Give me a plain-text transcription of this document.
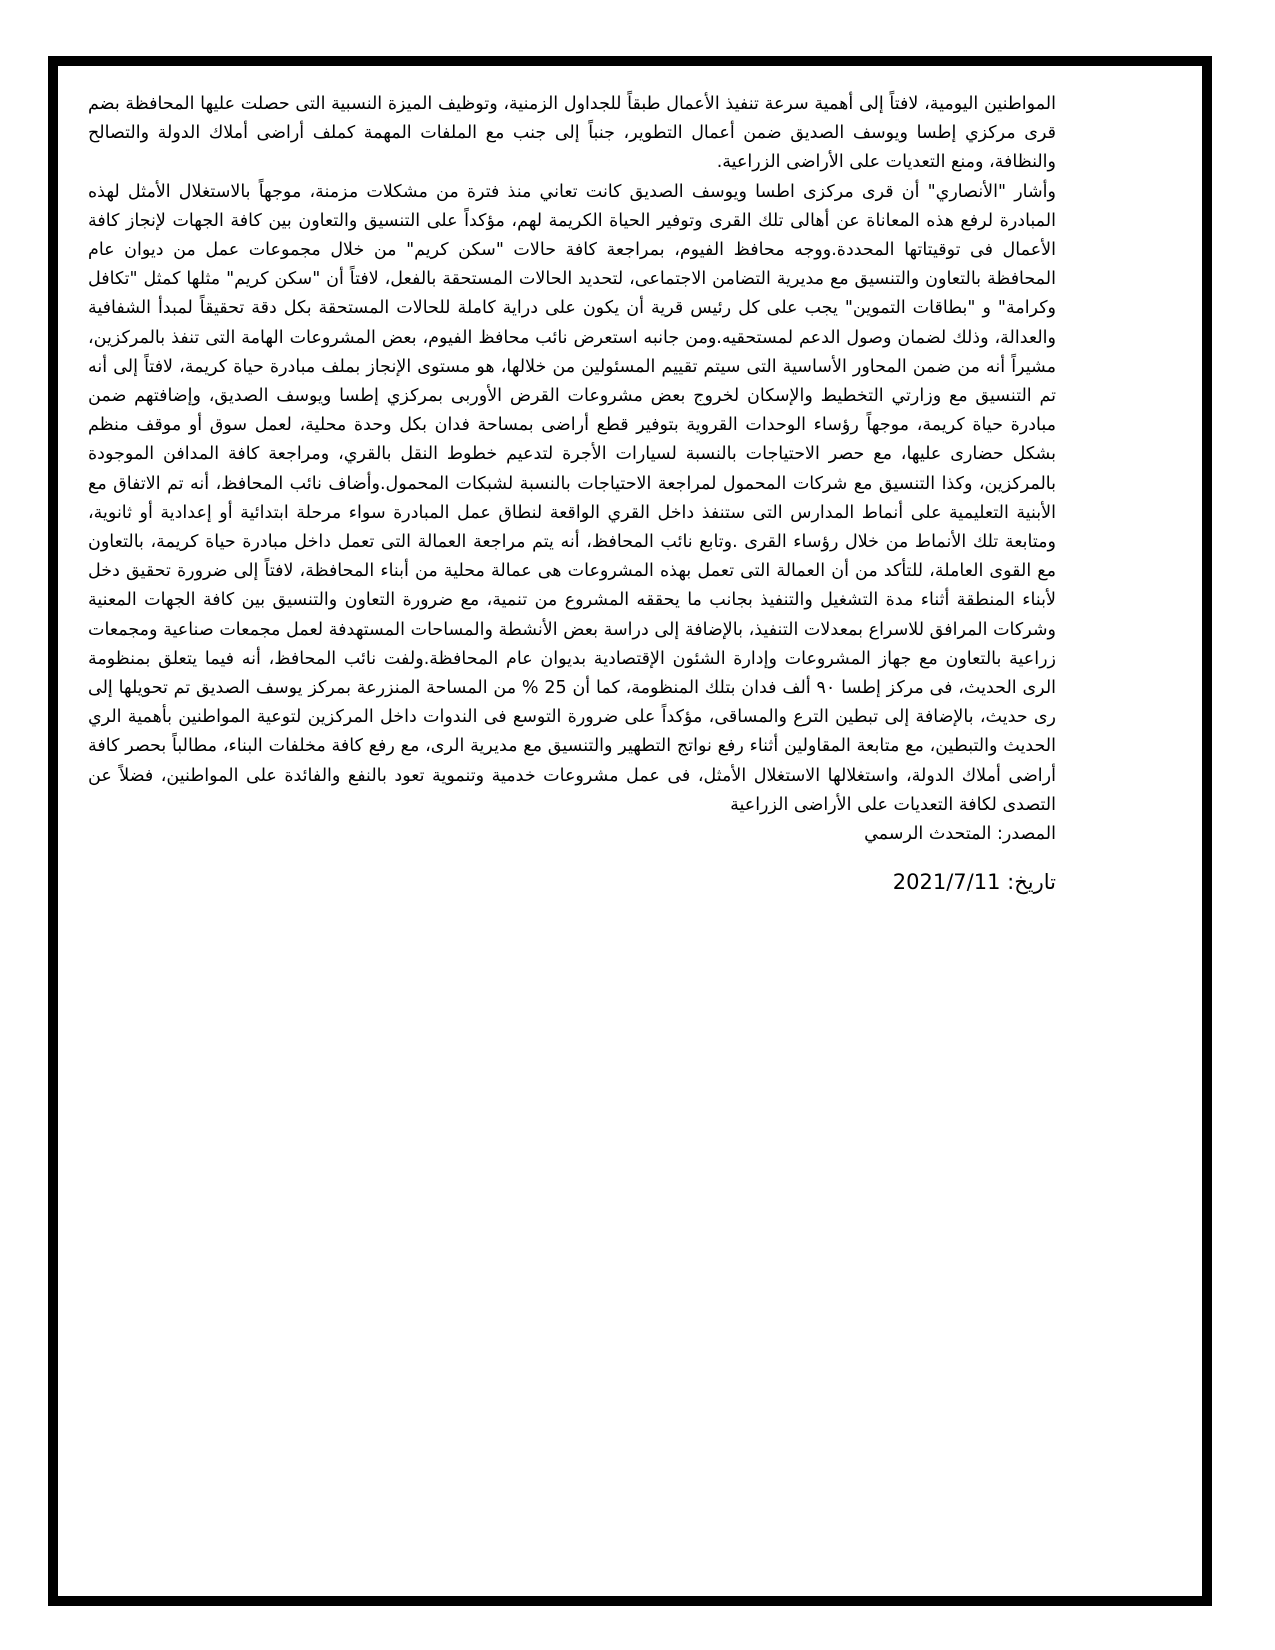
المواطنين اليومية، لافتاً إلى أهمية سرعة تنفيذ الأعمال طبقاً للجداول الزمنية، وتوظيف الميزة النسبية التى حصلت عليها المحافظة بضم قرى مركزي إطسا ويوسف الصديق ضمن أعمال التطوير، جنباً إلى جنب مع الملفات المهمة كملف أراضى أملاك الدولة والتصالح والنظافة، ومنع التعديات على الأراضى الزراعية.

وأشار "الأنصاري" أن قرى مركزى اطسا ويوسف الصديق كانت تعاني منذ فترة من مشكلات مزمنة، موجهاً بالاستغلال الأمثل لهذه المبادرة لرفع هذه المعاناة عن أهالى تلك القرى وتوفير الحياة الكريمة لهم، مؤكداً على التنسيق والتعاون بين كافة الجهات لإنجاز كافة الأعمال فى توقيتاتها المحددة.ووجه محافظ الفيوم، بمراجعة كافة حالات "سكن كريم" من خلال مجموعات عمل من ديوان عام المحافظة بالتعاون والتنسيق مع مديرية التضامن الاجتماعى، لتحديد الحالات المستحقة بالفعل، لافتاً أن "سكن كريم" مثلها كمثل "تكافل وكرامة" و "بطاقات التموين" يجب على كل رئيس قرية أن يكون على دراية كاملة للحالات المستحقة بكل دقة تحقيقاً لمبدأ الشفافية والعدالة، وذلك لضمان وصول الدعم لمستحقيه.ومن جانبه استعرض نائب محافظ الفيوم، بعض المشروعات الهامة التى تنفذ بالمركزين، مشيراً أنه من ضمن المحاور الأساسية التى سيتم تقييم المسئولين من خلالها، هو مستوى الإنجاز بملف مبادرة حياة كريمة، لافتاً إلى أنه تم التنسيق مع وزارتي التخطيط والإسكان لخروج بعض مشروعات القرض الأوربى بمركزي إطسا ويوسف الصديق، وإضافتهم ضمن مبادرة حياة كريمة، موجهاً رؤساء الوحدات القروية بتوفير قطع أراضى بمساحة فدان بكل وحدة محلية، لعمل سوق أو موقف منظم بشكل حضارى عليها، مع حصر الاحتياجات بالنسبة لسيارات الأجرة لتدعيم خطوط النقل بالقري، ومراجعة كافة المدافن الموجودة بالمركزين، وكذا التنسيق مع شركات المحمول لمراجعة الاحتياجات بالنسبة لشبكات المحمول.وأضاف نائب المحافظ، أنه تم الاتفاق مع الأبنية التعليمية على أنماط المدارس التى ستنفذ داخل القري الواقعة لنطاق عمل المبادرة سواء مرحلة ابتدائية أو إعدادية أو ثانوية، ومتابعة تلك الأنماط من خلال رؤساء القرى .وتابع نائب المحافظ، أنه يتم مراجعة العمالة التى تعمل داخل مبادرة حياة كريمة، بالتعاون مع القوى العاملة، للتأكد من أن العمالة التى تعمل بهذه المشروعات هى عمالة محلية من أبناء المحافظة، لافتاً إلى ضرورة تحقيق دخل لأبناء المنطقة أثناء مدة التشغيل والتنفيذ بجانب ما يحققه المشروع من تنمية، مع ضرورة التعاون والتنسيق بين كافة الجهات المعنية وشركات المرافق للاسراع بمعدلات التنفيذ، بالإضافة إلى دراسة بعض الأنشطة والمساحات المستهدفة لعمل مجمعات صناعية ومجمعات زراعية بالتعاون مع جهاز المشروعات وإدارة الشئون الإقتصادية بديوان عام المحافظة.ولفت نائب المحافظ، أنه فيما يتعلق بمنظومة الرى الحديث، فى مركز إطسا ٩٠ ألف فدان بتلك المنظومة، كما أن 25 % من المساحة المنزرعة بمركز يوسف الصديق تم تحويلها إلى رى حديث، بالإضافة إلى تبطين الترع والمساقى، مؤكداً على ضرورة التوسع فى الندوات داخل المركزين لتوعية المواطنين بأهمية الري الحديث والتبطين، مع متابعة المقاولين أثناء رفع نواتج التطهير والتنسيق مع مديرية الرى، مع رفع كافة مخلفات البناء، مطالباً بحصر كافة أراضى أملاك الدولة، واستغلالها الاستغلال الأمثل، فى عمل مشروعات خدمية وتنموية تعود بالنفع والفائدة على المواطنين، فضلاً عن التصدى لكافة التعديات على الأراضى الزراعية

المصدر: المتحدث الرسمي

تاريخ: 2021/7/11
